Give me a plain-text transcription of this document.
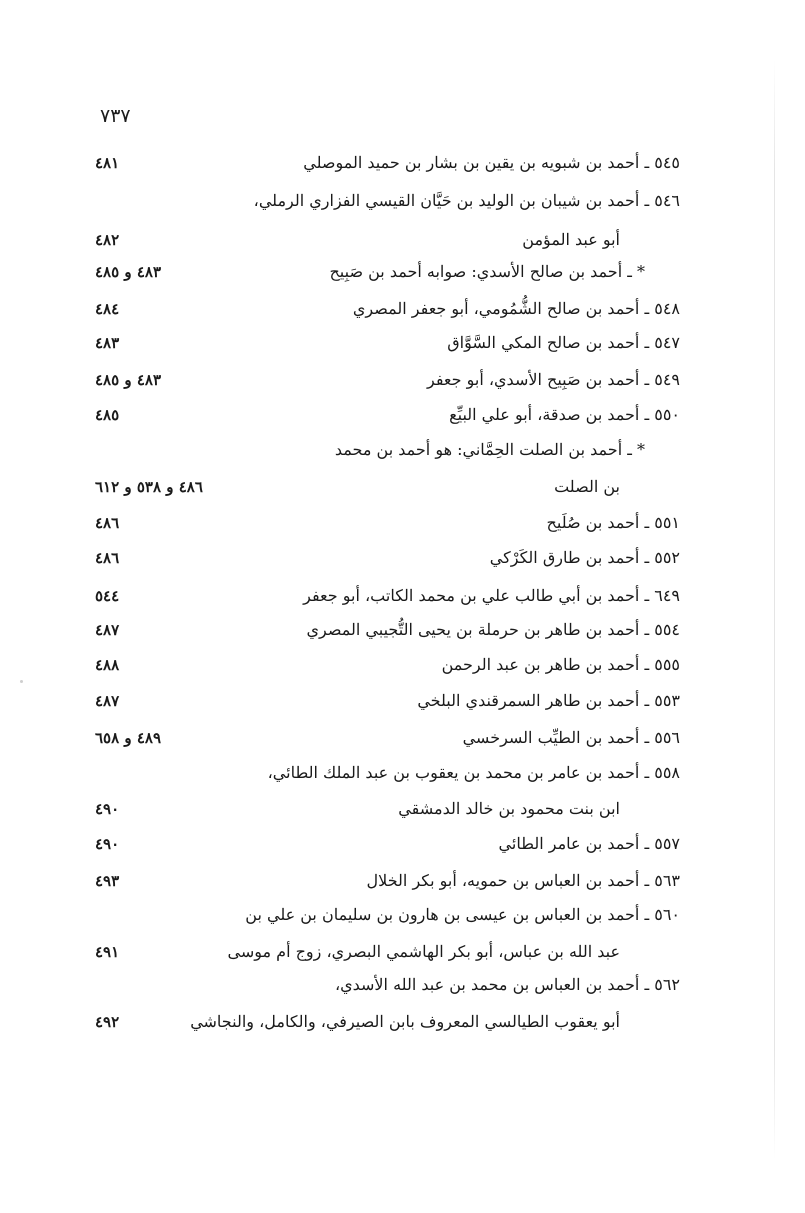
٧٣٧
٥٤٥ ـ أحمد بن شبويه بن يقين بن بشار بن حميد الموصلي
٤٨١
٥٤٦ ـ أحمد بن شيبان بن الوليد بن حَيَّان القيسي الفزاري الرملي،
أبو عبد المؤمن
٤٨٢
* ـ أحمد بن صالح الأسدي: صوابه أحمد بن صَبِيح
٤٨٣ و ٤٨٥
٥٤٨ ـ أحمد بن صالح الشُّمُومي، أبو جعفر المصري
٤٨٤
٥٤٧ ـ أحمد بن صالح المكي السَّوَّاق
٤٨٣
٥٤٩ ـ أحمد بن صَبِيح الأسدي، أبو جعفر
٤٨٣ و ٤٨٥
٥٥٠ ـ أحمد بن صدقة، أبو علي البيِّع
٤٨٥
* ـ أحمد بن الصلت الحِمَّاني: هو أحمد بن محمد
بن الصلت
٤٨٦ و ٥٣٨ و ٦١٢
٥٥١ ـ أحمد بن صُلَيح
٤٨٦
٥٥٢ ـ أحمد بن طارق الكَرْكي
٤٨٦
٦٤٩ ـ أحمد بن أبي طالب علي بن محمد الكاتب، أبو جعفر
٥٤٤
٥٥٤ ـ أحمد بن طاهر بن حرملة بن يحيى التُّجيبي المصري
٤٨٧
٥٥٥ ـ أحمد بن طاهر بن عبد الرحمن
٤٨٨
٥٥٣ ـ أحمد بن طاهر السمرقندي البلخي
٤٨٧
٥٥٦ ـ أحمد بن الطيِّب السرخسي
٤٨٩ و ٦٥٨
٥٥٨ ـ أحمد بن عامر بن محمد بن يعقوب بن عبد الملك الطائي،
ابن بنت محمود بن خالد الدمشقي
٤٩٠
٥٥٧ ـ أحمد بن عامر الطائي
٤٩٠
٥٦٣ ـ أحمد بن العباس بن حمويه، أبو بكر الخلال
٤٩٣
٥٦٠ ـ أحمد بن العباس بن عيسى بن هارون بن سليمان بن علي بن
عبد الله بن عباس، أبو بكر الهاشمي البصري، زوج أم موسى
٤٩١
٥٦٢ ـ أحمد بن العباس بن محمد بن عبد الله الأسدي،
أبو يعقوب الطيالسي المعروف بابن الصيرفي، والكامل، والنجاشي
٤٩٢
